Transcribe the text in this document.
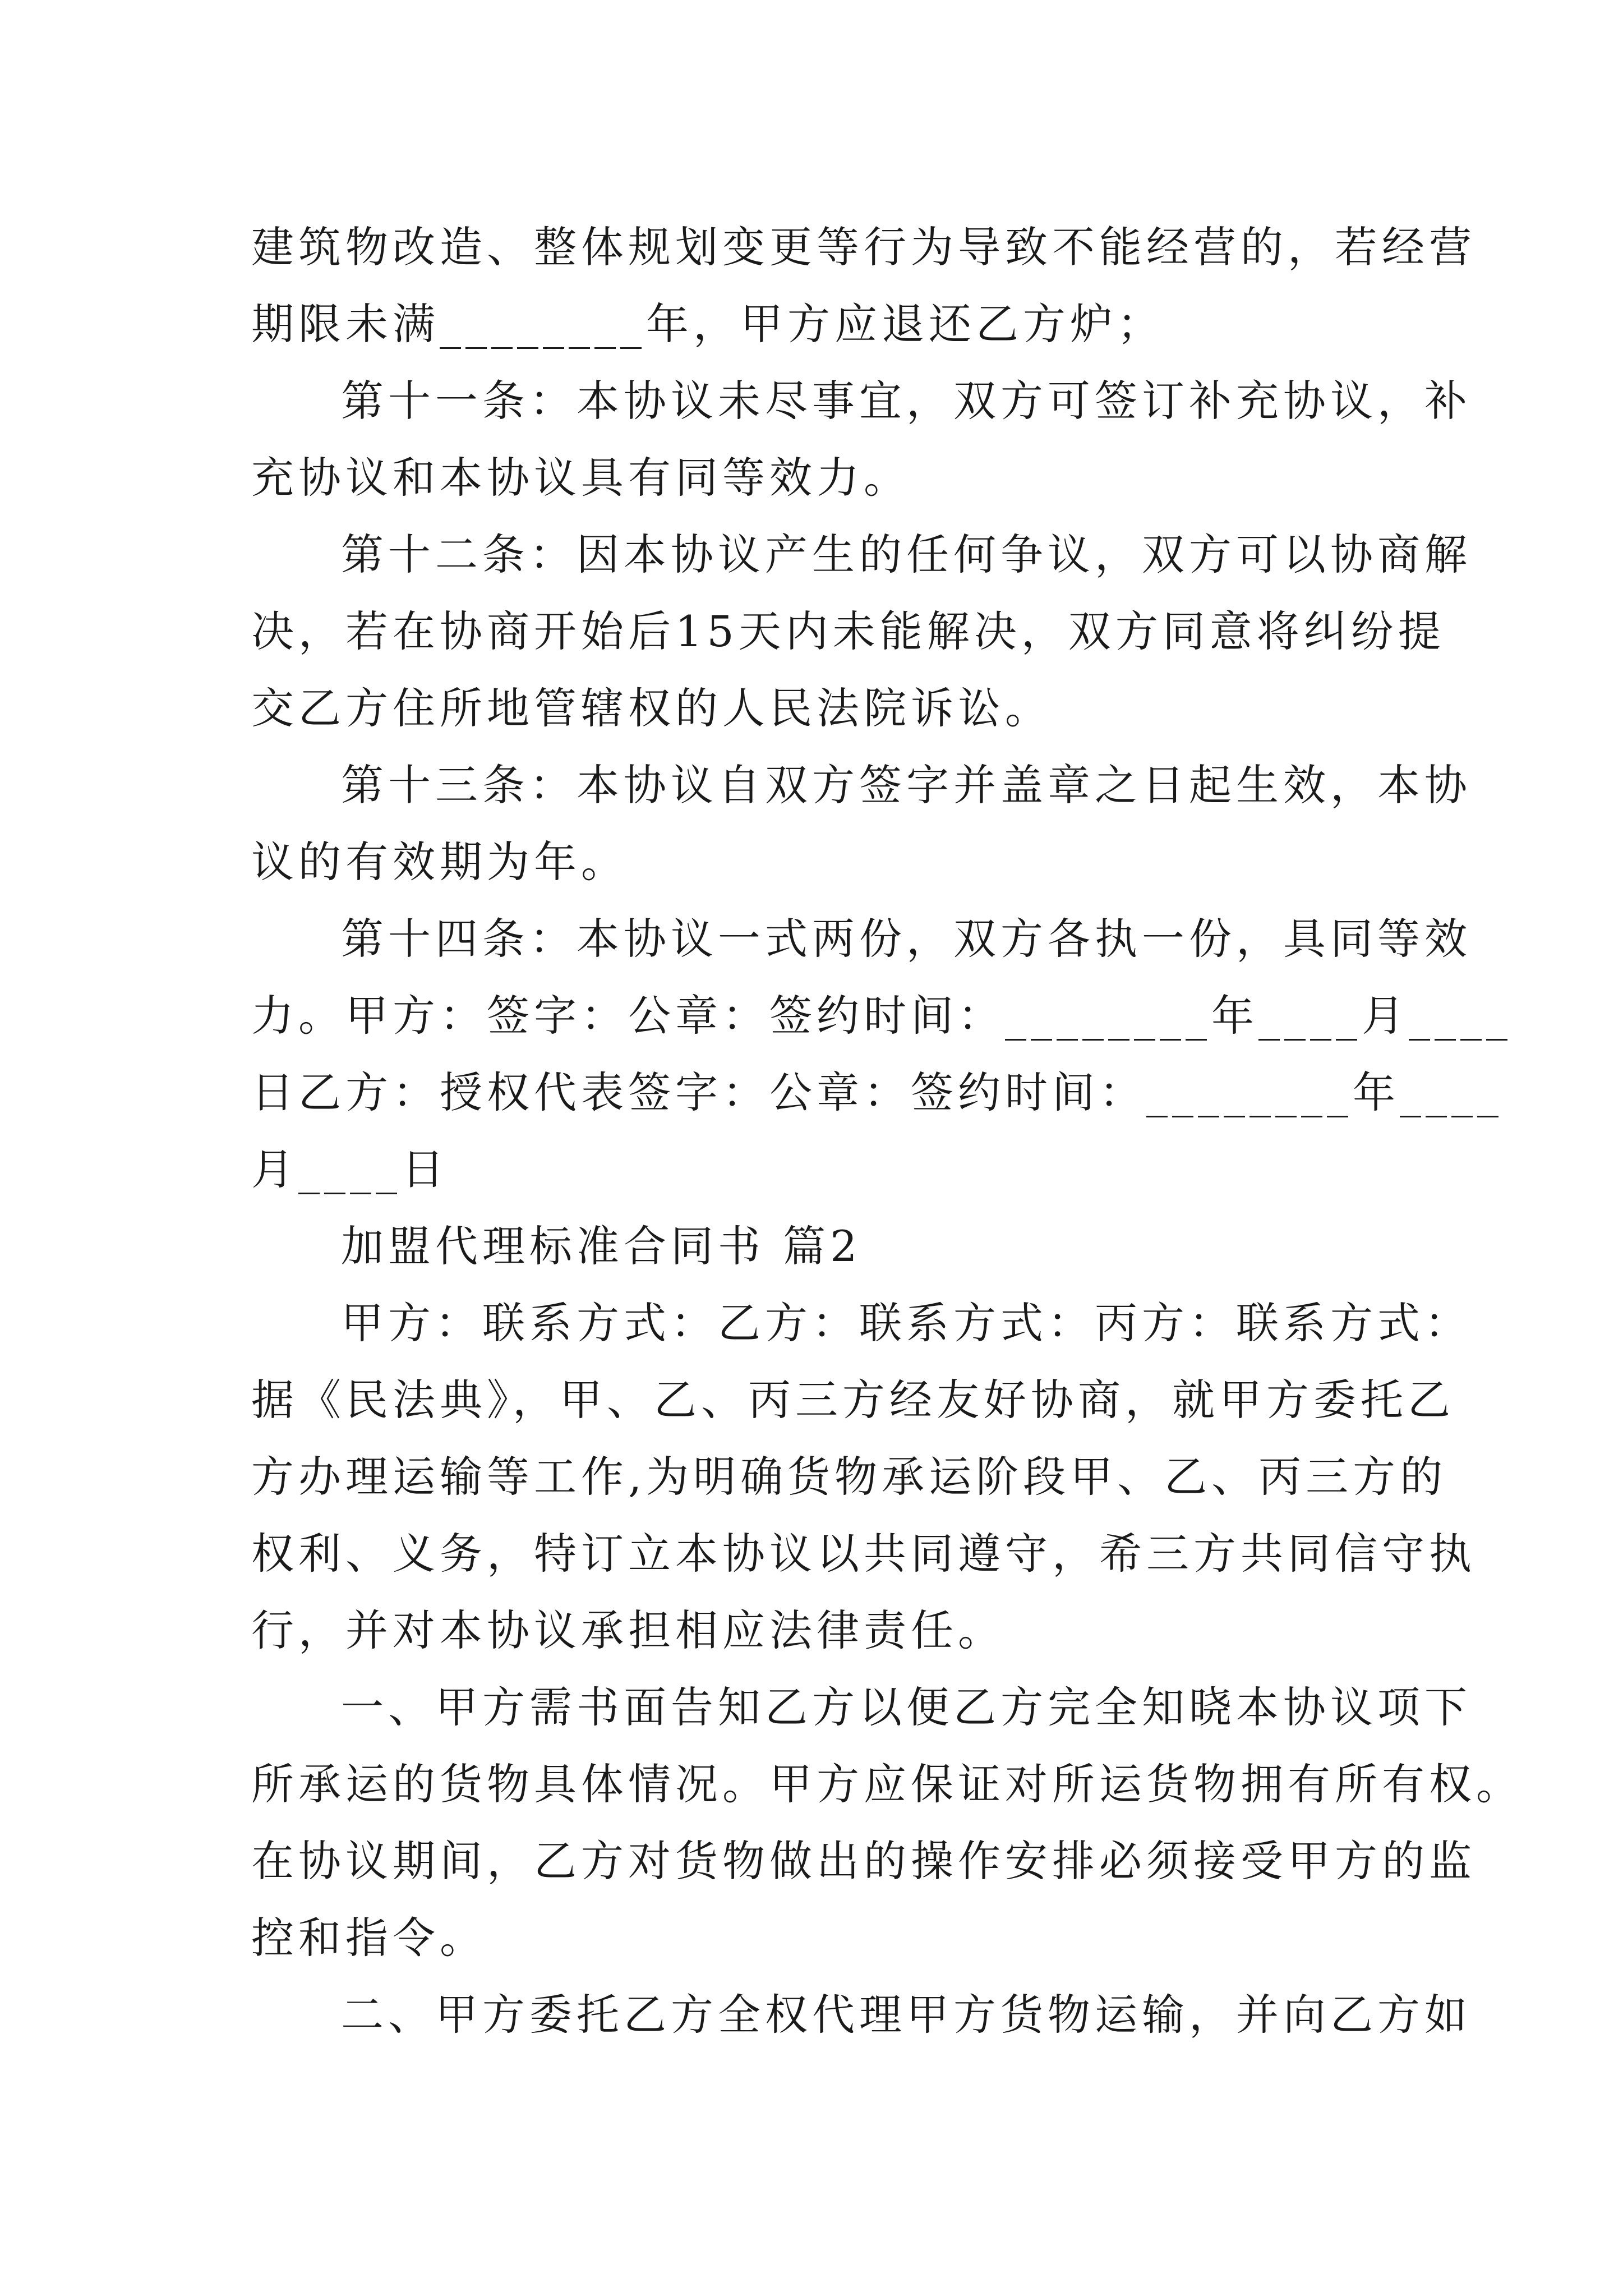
建筑物改造、整体规划变更等行为导致不能经营的，若经营
期限未满________年，甲方应退还乙方炉；
第十一条：本协议未尽事宜，双方可签订补充协议，补
充协议和本协议具有同等效力。
第十二条：因本协议产生的任何争议，双方可以协商解
决，若在协商开始后15天内未能解决，双方同意将纠纷提
交乙方住所地管辖权的人民法院诉讼。
第十三条：本协议自双方签字并盖章之日起生效，本协
议的有效期为年。
第十四条：本协议一式两份，双方各执一份，具同等效
力。甲方：签字：公章：签约时间：________年____月____
日乙方：授权代表签字：公章：签约时间：________年____
月____日
加盟代理标准合同书 篇2
甲方：联系方式：乙方：联系方式：丙方：联系方式：
据《民法典》，甲、乙、丙三方经友好协商，就甲方委托乙
方办理运输等工作,为明确货物承运阶段甲、乙、丙三方的
权利、义务，特订立本协议以共同遵守，希三方共同信守执
行，并对本协议承担相应法律责任。
一、甲方需书面告知乙方以便乙方完全知晓本协议项下
所承运的货物具体情况。甲方应保证对所运货物拥有所有权。
在协议期间，乙方对货物做出的操作安排必须接受甲方的监
控和指令。
二、甲方委托乙方全权代理甲方货物运输，并向乙方如
